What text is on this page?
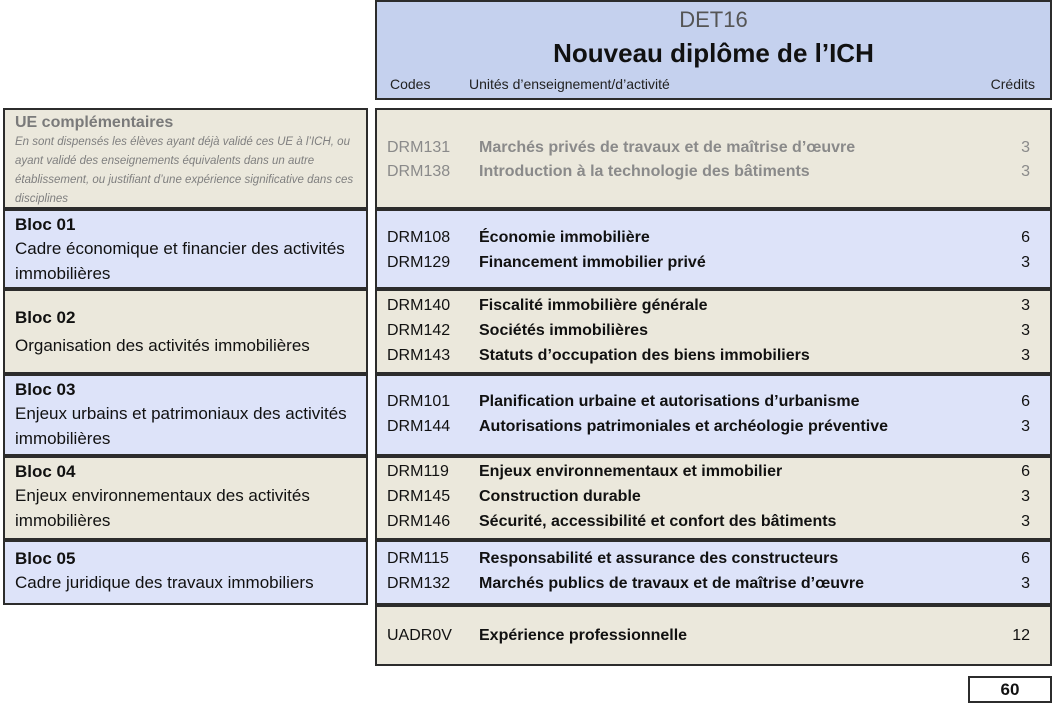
DET16
Nouveau diplôme de l’ICH
Codes	Unités d’enseignement/d’activité	Crédits
UE complémentaires
En sont dispensés les élèves ayant déjà validé ces UE à l’ICH, ou ayant validé des enseignements équivalents dans un autre établissement, ou justifiant d’une expérience significative dans ces disciplines
DRM131	Marchés privés de travaux et de maîtrise d’œuvre	3
DRM138	Introduction à la technologie des bâtiments	3
Bloc 01
Cadre économique et financier des activités immobilières
DRM108	Économie immobilière	6
DRM129	Financement immobilier privé	3
Bloc 02
Organisation des activités immobilières
DRM140	Fiscalité immobilière générale	3
DRM142	Sociétés immobilières	3
DRM143	Statuts d’occupation des biens immobiliers	3
Bloc 03
Enjeux urbains et patrimoniaux des activités immobilières
DRM101	Planification urbaine et autorisations d’urbanisme	6
DRM144	Autorisations patrimoniales et archéologie préventive	3
Bloc 04
Enjeux environnementaux des activités immobilières
DRM119	Enjeux environnementaux et immobilier	6
DRM145	Construction durable	3
DRM146	Sécurité, accessibilité et confort des bâtiments	3
Bloc 05
Cadre juridique des travaux immobiliers
DRM115	Responsabilité et assurance des constructeurs	6
DRM132	Marchés publics de travaux et de maîtrise d’œuvre	3
UADR0V	Expérience professionnelle	12
60
